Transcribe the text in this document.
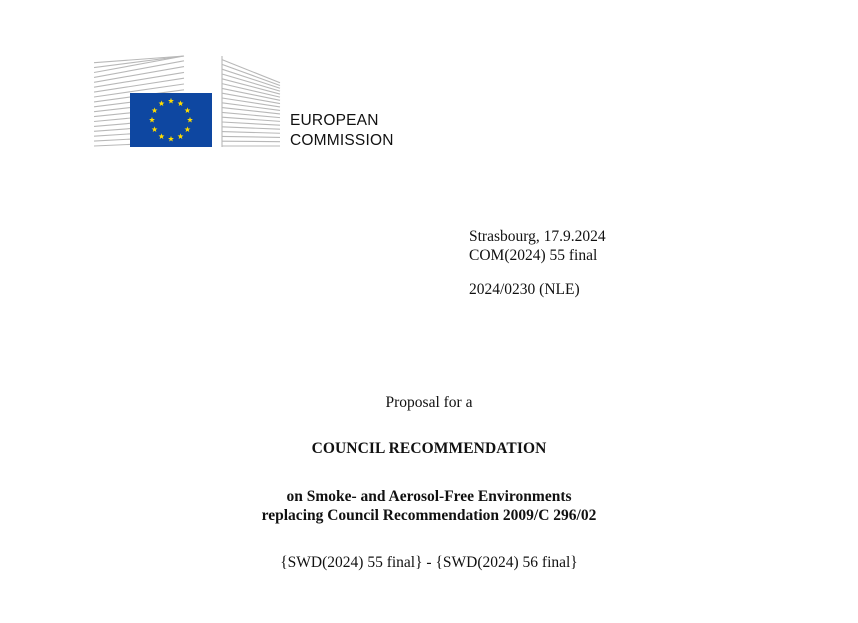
EUROPEAN
COMMISSION
Strasbourg, 17.9.2024
COM(2024) 55 final
2024/0230 (NLE)
Proposal for a
COUNCIL RECOMMENDATION
on Smoke- and Aerosol-Free Environments
replacing Council Recommendation 2009/C 296/02
{SWD(2024) 55 final} - {SWD(2024) 56 final}
